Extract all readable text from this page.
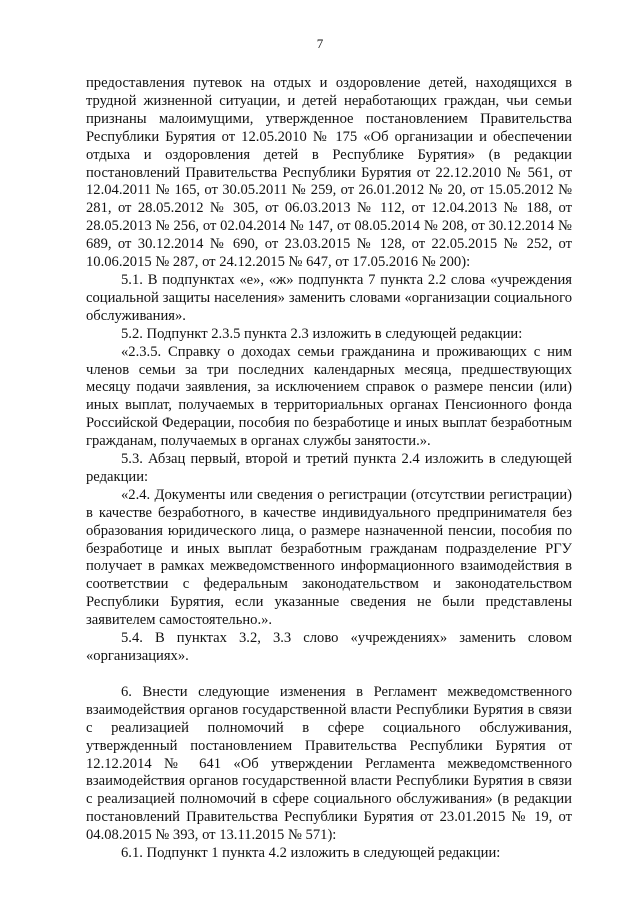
7

предоставления путевок на отдых и оздоровление детей, находящихся в трудной жизненной ситуации, и детей неработающих граждан, чьи семьи признаны малоимущими, утвержденное постановлением Правительства Республики Бурятия от 12.05.2010 № 175 «Об организации и обеспечении отдыха и оздоровления детей в Республике Бурятия» (в редакции постановлений Правительства Республики Бурятия от 22.12.2010 № 561, от 12.04.2011 № 165, от 30.05.2011 № 259, от 26.01.2012 № 20, от 15.05.2012 № 281, от 28.05.2012 № 305, от 06.03.2013 № 112, от 12.04.2013 № 188, от 28.05.2013 № 256, от 02.04.2014 № 147, от 08.05.2014 № 208, от 30.12.2014 № 689, от 30.12.2014 № 690, от 23.03.2015 № 128, от 22.05.2015 № 252, от 10.06.2015 № 287, от 24.12.2015 № 647, от 17.05.2016 № 200):

5.1. В подпунктах «е», «ж» подпункта 7 пункта 2.2 слова «учреждения социальной защиты населения» заменить словами «организации социального обслуживания».

5.2. Подпункт 2.3.5 пункта 2.3 изложить в следующей редакции:

«2.3.5. Справку о доходах семьи гражданина и проживающих с ним членов семьи за три последних календарных месяца, предшествующих месяцу подачи заявления, за исключением справок о размере пенсии (или) иных выплат, получаемых в территориальных органах Пенсионного фонда Российской Федерации, пособия по безработице и иных выплат безработным гражданам, получаемых в органах службы занятости.».

5.3. Абзац первый, второй и третий пункта 2.4 изложить в следующей редакции:

«2.4. Документы или сведения о регистрации (отсутствии регистрации) в качестве безработного, в качестве индивидуального предпринимателя без образования юридического лица, о размере назначенной пенсии, пособия по безработице и иных выплат безработным гражданам подразделение РГУ получает в рамках межведомственного информационного взаимодействия в соответствии с федеральным законодательством и законодательством Республики Бурятия, если указанные сведения не были представлены заявителем самостоятельно.».

5.4. В пунктах 3.2, 3.3 слово «учреждениях» заменить словом «организациях».

6. Внести следующие изменения в Регламент межведомственного взаимодействия органов государственной власти Республики Бурятия в связи с реализацией полномочий в сфере социального обслуживания, утвержденный постановлением Правительства Республики Бурятия от 12.12.2014 № 641 «Об утверждении Регламента межведомственного взаимодействия органов государственной власти Республики Бурятия в связи с реализацией полномочий в сфере социального обслуживания» (в редакции постановлений Правительства Республики Бурятия от 23.01.2015 № 19, от 04.08.2015 № 393, от 13.11.2015 № 571):

6.1. Подпункт 1 пункта 4.2 изложить в следующей редакции:
